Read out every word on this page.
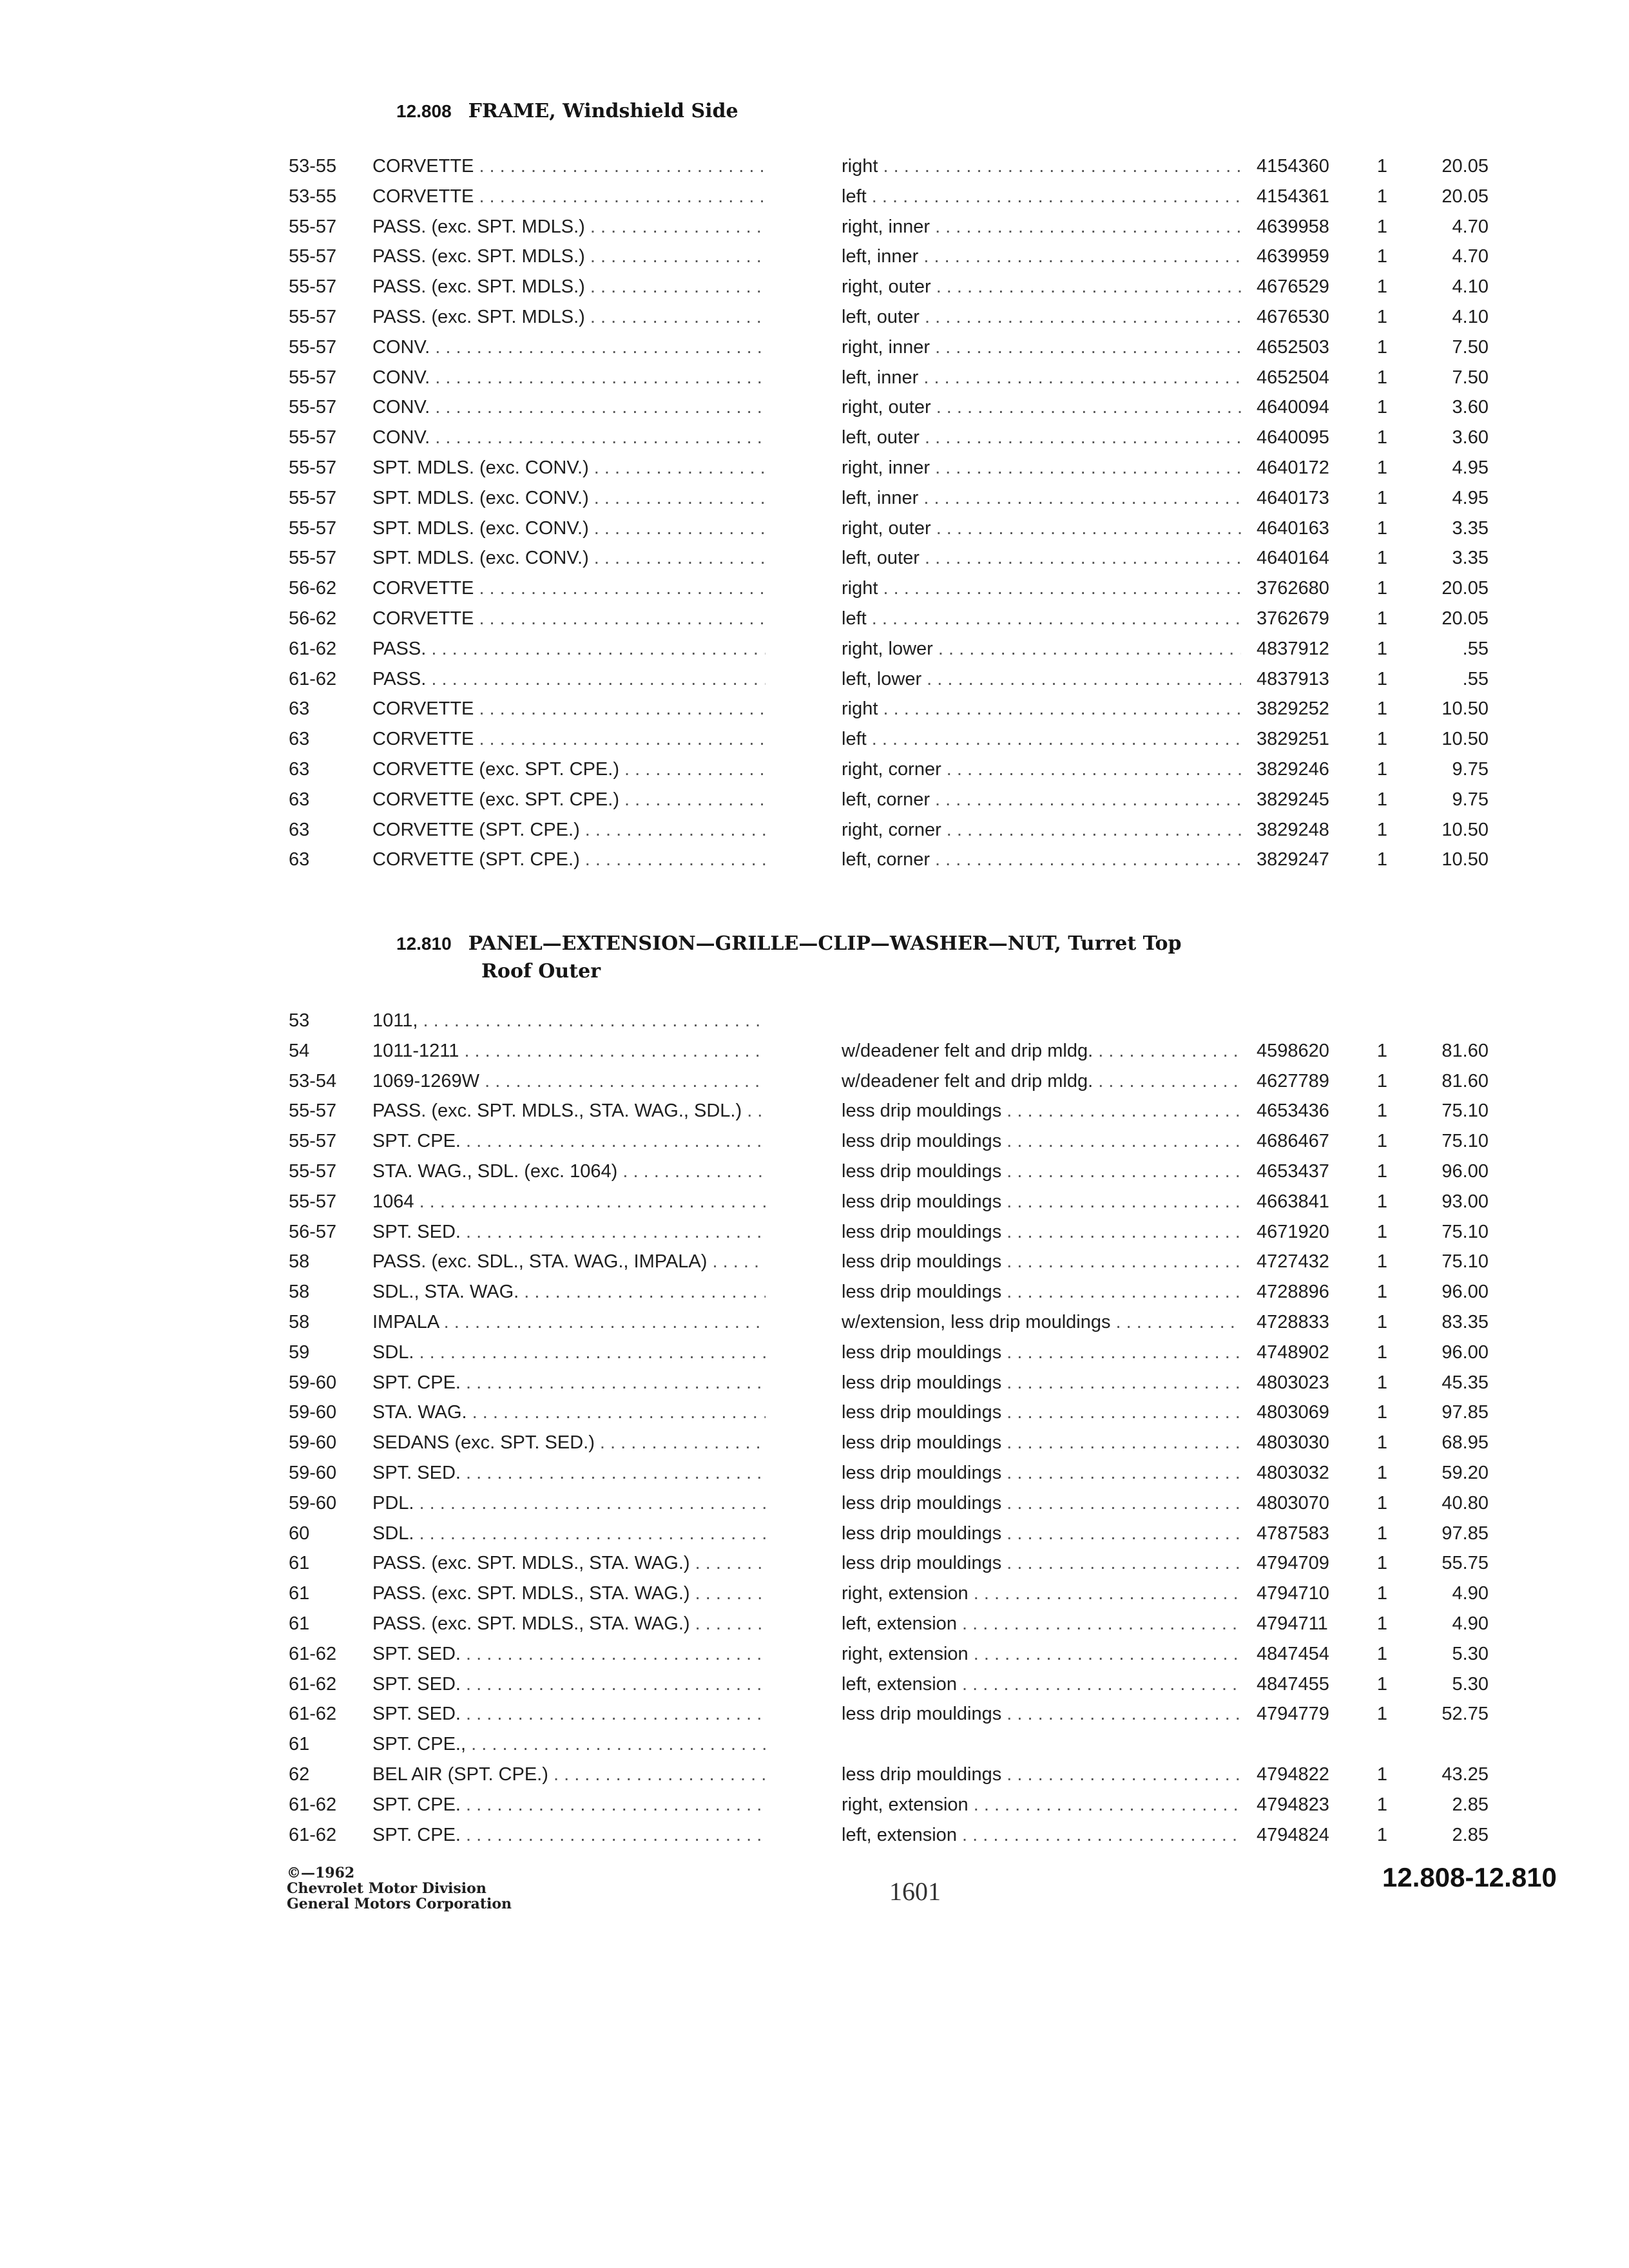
12.808 FRAME, Windshield Side
53-55	CORVETTE . . .	right . . .	4154360	1	20.05
53-55	CORVETTE . . .	left . . .	4154361	1	20.05
55-57	PASS. (exc. SPT. MDLS.) . . .	right, inner . . .	4639958	1	4.70
55-57	PASS. (exc. SPT. MDLS.) . . .	left, inner . . .	4639959	1	4.70
55-57	PASS. (exc. SPT. MDLS.) . . .	right, outer . . .	4676529	1	4.10
55-57	PASS. (exc. SPT. MDLS.) . . .	left, outer . . .	4676530	1	4.10
55-57	CONV. . . .	right, inner . . .	4652503	1	7.50
55-57	CONV. . . .	left, inner . . .	4652504	1	7.50
55-57	CONV. . . .	right, outer . . .	4640094	1	3.60
55-57	CONV. . . .	left, outer . . .	4640095	1	3.60
55-57	SPT. MDLS. (exc. CONV.) . . .	right, inner . . .	4640172	1	4.95
55-57	SPT. MDLS. (exc. CONV.) . . .	left, inner . . .	4640173	1	4.95
55-57	SPT. MDLS. (exc. CONV.) . . .	right, outer . . .	4640163	1	3.35
55-57	SPT. MDLS. (exc. CONV.) . . .	left, outer . . .	4640164	1	3.35
56-62	CORVETTE . . .	right . . .	3762680	1	20.05
56-62	CORVETTE . . .	left . . .	3762679	1	20.05
61-62	PASS. . . .	right, lower . . .	4837912	1	.55
61-62	PASS. . . .	left, lower . . .	4837913	1	.55
63	CORVETTE . . .	right . . .	3829252	1	10.50
63	CORVETTE . . .	left . . .	3829251	1	10.50
63	CORVETTE (exc. SPT. CPE.) . . .	right, corner . . .	3829246	1	9.75
63	CORVETTE (exc. SPT. CPE.) . . .	left, corner . . .	3829245	1	9.75
63	CORVETTE (SPT. CPE.) . . .	right, corner . . .	3829248	1	10.50
63	CORVETTE (SPT. CPE.) . . .	left, corner . . .	3829247	1	10.50
12.810 PANEL—EXTENSION—GRILLE—CLIP—WASHER—NUT, Turret Top
Roof Outer
53	1011, . . .
54	1011-1211 . . .	w/deadener felt and drip mldg. . . .	4598620	1	81.60
53-54	1069-1269W . . .	w/deadener felt and drip mldg. . . .	4627789	1	81.60
55-57	PASS. (exc. SPT. MDLS., STA. WAG., SDL.) . . .	less drip mouldings . . .	4653436	1	75.10
55-57	SPT. CPE. . . .	less drip mouldings . . .	4686467	1	75.10
55-57	STA. WAG., SDL. (exc. 1064) . . .	less drip mouldings . . .	4653437	1	96.00
55-57	1064 . . .	less drip mouldings . . .	4663841	1	93.00
56-57	SPT. SED. . . .	less drip mouldings . . .	4671920	1	75.10
58	PASS. (exc. SDL., STA. WAG., IMPALA) . . .	less drip mouldings . . .	4727432	1	75.10
58	SDL., STA. WAG. . . .	less drip mouldings . . .	4728896	1	96.00
58	IMPALA . . .	w/extension, less drip mouldings . . .	4728833	1	83.35
59	SDL. . . .	less drip mouldings . . .	4748902	1	96.00
59-60	SPT. CPE. . . .	less drip mouldings . . .	4803023	1	45.35
59-60	STA. WAG. . . .	less drip mouldings . . .	4803069	1	97.85
59-60	SEDANS (exc. SPT. SED.) . . .	less drip mouldings . . .	4803030	1	68.95
59-60	SPT. SED. . . .	less drip mouldings . . .	4803032	1	59.20
59-60	PDL. . . .	less drip mouldings . . .	4803070	1	40.80
60	SDL. . . .	less drip mouldings . . .	4787583	1	97.85
61	PASS. (exc. SPT. MDLS., STA. WAG.) . . .	less drip mouldings . . .	4794709	1	55.75
61	PASS. (exc. SPT. MDLS., STA. WAG.) . . .	right, extension . . .	4794710	1	4.90
61	PASS. (exc. SPT. MDLS., STA. WAG.) . . .	left, extension . . .	4794711	1	4.90
61-62	SPT. SED. . . .	right, extension . . .	4847454	1	5.30
61-62	SPT. SED. . . .	left, extension . . .	4847455	1	5.30
61-62	SPT. SED. . . .	less drip mouldings . . .	4794779	1	52.75
61	SPT. CPE., . . .
62	BEL AIR (SPT. CPE.) . . .	less drip mouldings . . .	4794822	1	43.25
61-62	SPT. CPE. . . .	right, extension . . .	4794823	1	2.85
61-62	SPT. CPE. . . .	left, extension . . .	4794824	1	2.85
©—1962
Chevrolet Motor Division
General Motors Corporation	1601	12.808-12.810
